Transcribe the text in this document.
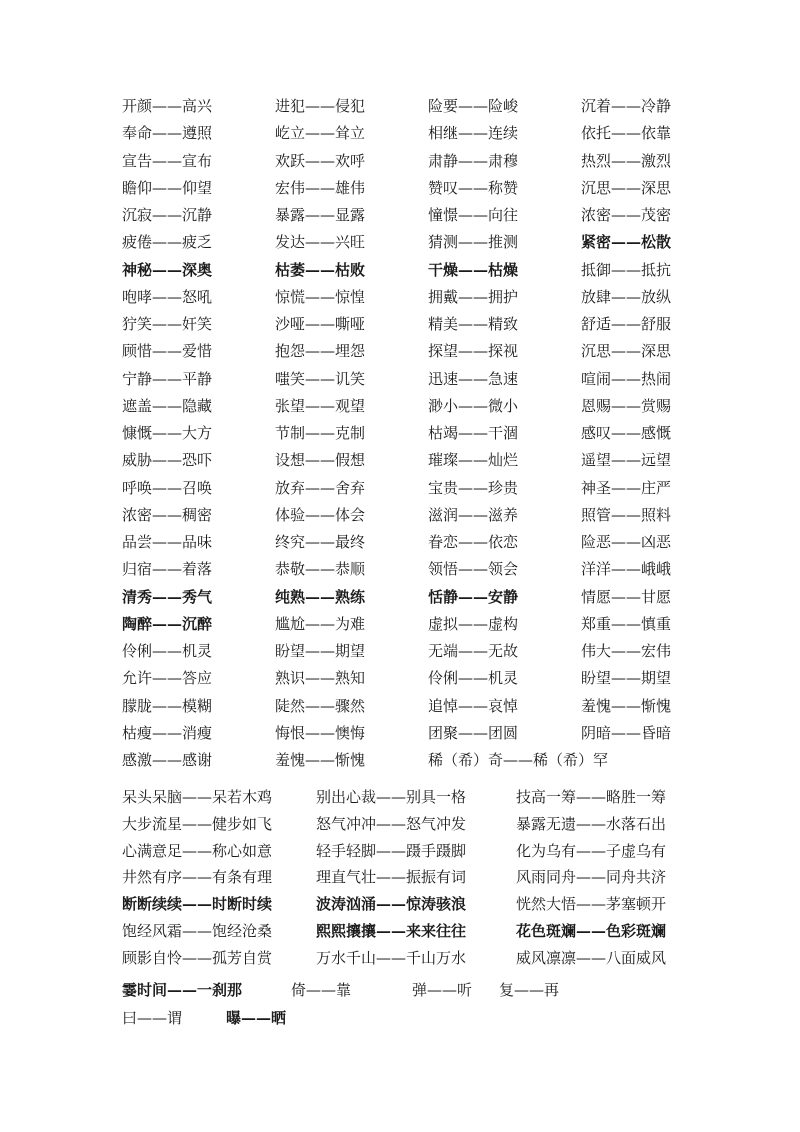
开颜——高兴	进犯——侵犯	险要——险峻	沉着——冷静
奉命——遵照	屹立——耸立	相继——连续	依托——依靠
宣告——宣布	欢跃——欢呼	肃静——肃穆	热烈——激烈
瞻仰——仰望	宏伟——雄伟	赞叹——称赞	沉思——深思
沉寂——沉静	暴露——显露	憧憬——向往	浓密——茂密
疲倦——疲乏	发达——兴旺	猜测——推测	紧密——松散
神秘——深奥	枯萎——枯败	干燥——枯燥	抵御——抵抗
咆哮——怒吼	惊慌——惊惶	拥戴——拥护	放肆——放纵
狞笑——奸笑	沙哑——嘶哑	精美——精致	舒适——舒服
顾惜——爱惜	抱怨——埋怨	探望——探视	沉思——深思
宁静——平静	嗤笑——讥笑	迅速——急速	喧闹——热闹
遮盖——隐藏	张望——观望	渺小——微小	恩赐——赏赐
慷慨——大方	节制——克制	枯竭——干涸	感叹——感慨
威胁——恐吓	设想——假想	璀璨——灿烂	遥望——远望
呼唤——召唤	放弃——舍弃	宝贵——珍贵	神圣——庄严
浓密——稠密	体验——体会	滋润——滋养	照管——照料
品尝——品味	终究——最终	眷恋——依恋	险恶——凶恶
归宿——着落	恭敬——恭顺	领悟——领会	洋洋——峨峨
清秀——秀气	纯熟——熟练	恬静——安静	情愿——甘愿
陶醉——沉醉	尴尬——为难	虚拟——虚构	郑重——慎重
伶俐——机灵	盼望——期望	无端——无故	伟大——宏伟
允许——答应	熟识——熟知	伶俐——机灵	盼望——期望
朦胧——模糊	陡然——骤然	追悼——哀悼	羞愧——惭愧
枯瘦——消瘦	悔恨——懊悔	团聚——团圆	阴暗——昏暗
感激——感谢	羞愧——惭愧	稀（希）奇——稀（希）罕
呆头呆脑——呆若木鸡	别出心裁——别具一格	技高一筹——略胜一筹
大步流星——健步如飞	怒气冲冲——怒气冲发	暴露无遗——水落石出
心满意足——称心如意	轻手轻脚——蹑手蹑脚	化为乌有——子虚乌有
井然有序——有条有理	理直气壮——振振有词	风雨同舟——同舟共济
断断续续——时断时续	波涛汹涌——惊涛骇浪	恍然大悟——茅塞顿开
饱经风霜——饱经沧桑	熙熙攘攘——来来往往	花色斑斓——色彩斑斓
顾影自怜——孤芳自赏	万水千山——千山万水	威风凛凛——八面威风
霎时间——一刹那	倚——靠	弹——听 复——再
曰——谓	曝——晒
